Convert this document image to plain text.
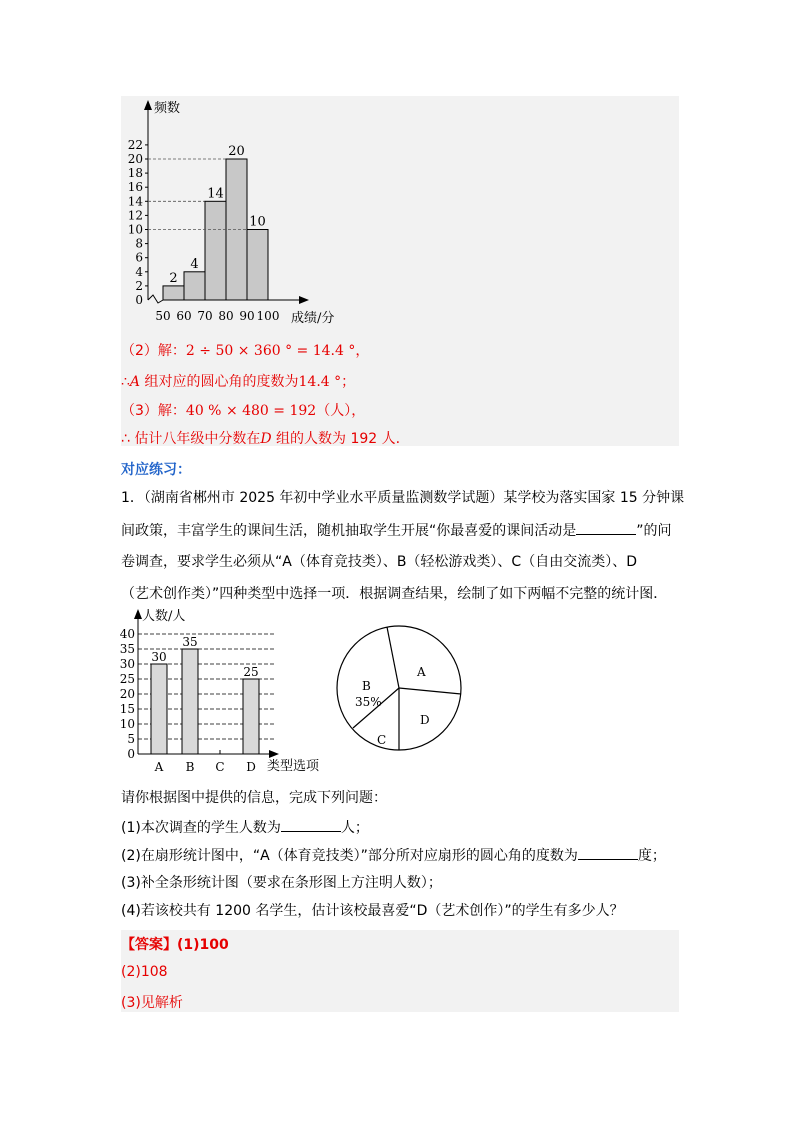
频数
成绩/分
0
2
4
6
8
10
12
14
16
18
20
22
50 60 70 80 90 100
2
4
14
20
10
（2）解：2 ÷ 50 × 360 ° = 14.4 °，
∴A 组对应的圆心角的度数为14.4 °；
（3）解：40 % × 480 = 192（人），
∴ 估计八年级中分数在D 组的人数为 192 人.
对应练习：
1．（湖南省郴州市 2025 年初中学业水平质量监测数学试题）某学校为落实国家 15 分钟课
间政策，丰富学生的课间生活，随机抽取学生开展“你最喜爱的课间活动是	”的问
卷调查，要求学生必须从“A（体育竞技类）、B（轻松游戏类）、C（自由交流类）、D
（艺术创作类）”四种类型中选择一项．根据调查结果，绘制了如下两幅不完整的统计图．
人数/人
类型选项
0
5
10
15
20
25
30
35
40
A
30
B
35
C D
25	A
B
35%
C
D
请你根据图中提供的信息，完成下列问题：
(1)本次调查的学生人数为	人；
(2)在扇形统计图中，“A（体育竞技类）”部分所对应扇形的圆心角的度数为	度；
(3)补全条形统计图（要求在条形图上方注明人数）；
(4)若该校共有 1200 名学生，估计该校最喜爱“D（艺术创作）”的学生有多少人？
【答案】(1)100
(2)108
(3)见解析
